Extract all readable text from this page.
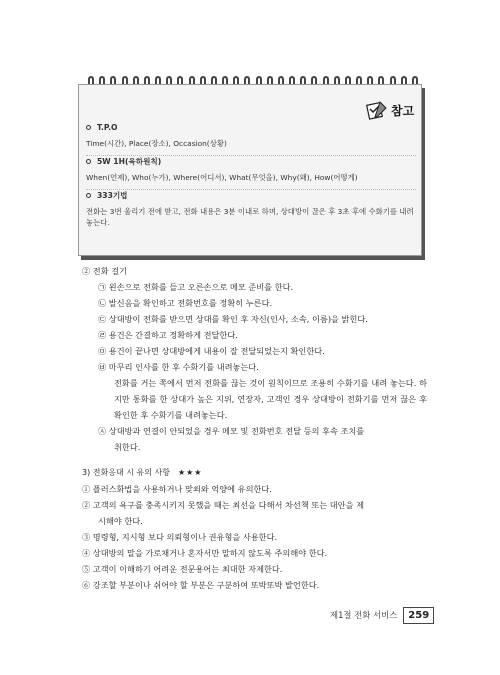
참고
T.P.O
Time(시간), Place(장소), Occasion(상황)
5W 1H(육하원칙)
When(언제), Who(누가), Where(어디서), What(무엇을), Why(왜), How(어떻게)
333기법
전화는 3번 울리기 전에 받고, 전화 내용은 3분 이내로 하며, 상대방이 끊은 후 3초 후에 수화기를 내려놓는다.
② 전화 걸기
㉠ 왼손으로 전화를 들고 오른손으로 메모 준비를 한다.
㉡ 발신음을 확인하고 전화번호를 정확히 누른다.
㉢ 상대방이 전화를 받으면 상대를 확인 후 자신(인사, 소속, 이름)을 밝힌다.
㉣ 용건은 간결하고 정확하게 전달한다.
㉤ 용건이 끝나면 상대방에게 내용이 잘 전달되었는지 확인한다.
㉥ 마무리 인사를 한 후 수화기를 내려놓는다.
전화를 거는 쪽에서 먼저 전화를 끊는 것이 원칙이므로 조용히 수화기를 내려 놓는다. 하지만 통화를 한 상대가 높은 지위, 연장자, 고객인 경우 상대방이 전화기를 먼저 끊은 후 확인한 후 수화기를 내려놓는다.
㉦ 상대방과 연결이 안되었을 경우 메모 및 전화번호 전달 등의 후속 조치를
취한다.
3) 전화응대 시 유의 사항 ★★★
① 플러스화법을 사용하거나 맞쐬와 억양에 유의한다.
② 고객의 욕구를 충족시키지 못했을 때는 최선을 다해서 차선책 또는 대안을 제
시해야 한다.
③ 명령형, 지시형 보다 의뢰형이나 권유형을 사용한다.
④ 상대방의 말을 가로채거나 혼자서만 말하지 않도록 주의해야 한다.
⑤ 고객이 이해하기 어려운 전문용어는 최대한 자제한다.
⑥ 강조할 부분이나 쉬어야 할 부분은 구분하여 또박또박 발언한다.
제1절 전화 서비스	259
